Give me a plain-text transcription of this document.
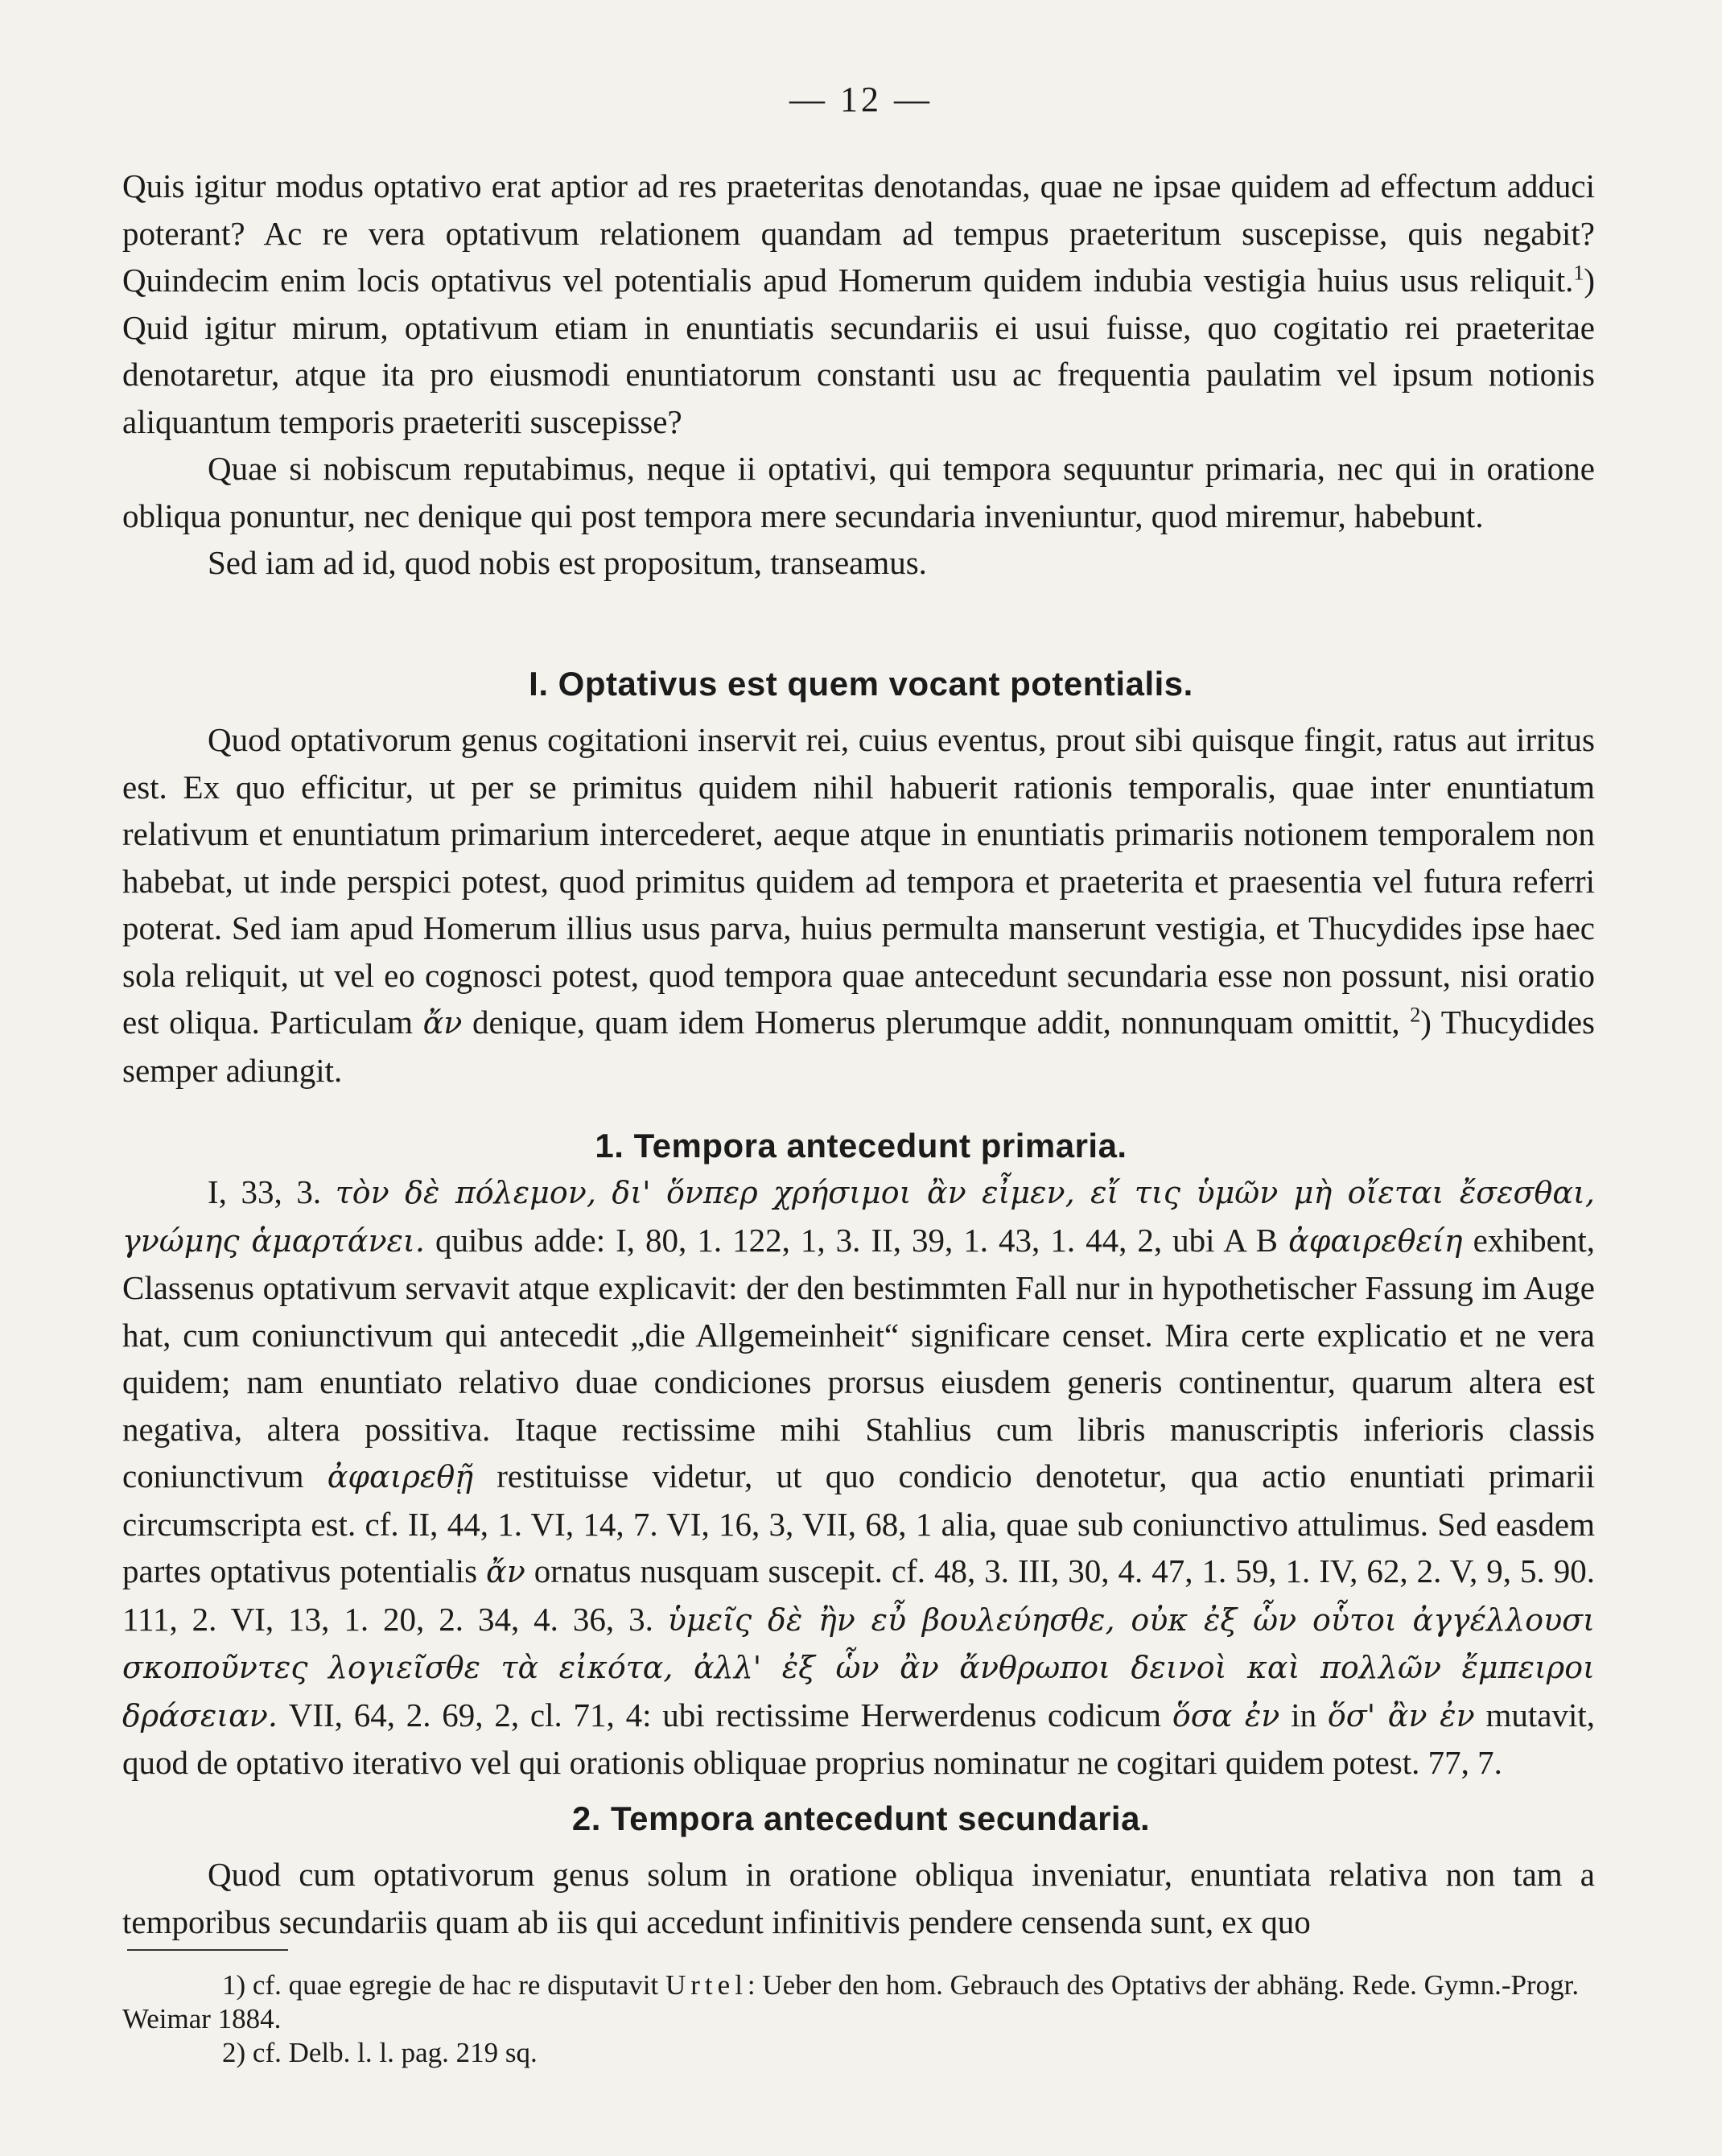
— 12 —

Quis igitur modus optativo erat aptior ad res praeteritas denotandas, quae ne ipsae quidem ad effectum adduci poterant? Ac re vera optativum relationem quandam ad tempus praeteritum suscepisse, quis negabit? Quindecim enim locis optativus vel potentialis apud Homerum quidem indubia vestigia huius usus reliquit.$^1$) Quid igitur mirum, optativum etiam in enuntiatis secundariis ei usui fuisse, quo cogitatio rei praeteritae denotaretur, atque ita pro eiusmodi enuntiatorum constanti usu ac frequentia paulatim vel ipsum notionis aliquantum temporis praeteriti suscepisse?

Quae si nobiscum reputabimus, neque ii optativi, qui tempora sequuntur primaria, nec qui in oratione obliqua ponuntur, nec denique qui post tempora mere secundaria inveniuntur, quod miremur, habebunt.

Sed iam ad id, quod nobis est propositum, transeamus.

I. Optativus est quem vocant potentialis.

Quod optativorum genus cogitationi inservit rei, cuius eventus, prout sibi quisque fingit, ratus aut irritus est. Ex quo efficitur, ut per se primitus quidem nihil habuerit rationis temporalis, quae inter enuntiatum relativum et enuntiatum primarium intercederet, aeque atque in enuntiatis primariis notionem temporalem non habebat, ut inde perspici potest, quod primitus quidem ad tempora et praeterita et praesentia vel futura referri poterat. Sed iam apud Homerum illius usus parva, huius permulta manserunt vestigia, et Thucydides ipse haec sola reliquit, ut vel eo cognosci potest, quod tempora quae antecedunt secundaria esse non possunt, nisi oratio est oliqua. Particulam ἄν denique, quam idem Homerus plerumque addit, nonnunquam omittit, $^2$) Thucydides semper adiungit.

1. Tempora antecedunt primaria.

I, 33, 3. τὸν δὲ πόλεμον, δι' ὅνπερ χρήσιμοι ἂν εἶμεν, εἴ τις ὑμῶν μὴ οἴεται ἔσεσθαι, γνώμης ἁμαρτάνει. quibus adde: I, 80, 1. 122, 1, 3. II, 39, 1. 43, 1. 44, 2, ubi A B ἀφαιρεθείη exhibent, Classenus optativum servavit atque explicavit: der den bestimmten Fall nur in hypothetischer Fassung im Auge hat, cum coniunctivum qui antecedit „die Allgemeinheit“ significare censet. Mira certe explicatio et ne vera quidem; nam enuntiato relativo duae condiciones prorsus eiusdem generis continentur, quarum altera est negativa, altera possitiva. Itaque rectissime mihi Stahlius cum libris manuscriptis inferioris classis coniunctivum ἀφαιρεθῇ restituisse videtur, ut quo condicio denotetur, qua actio enuntiati primarii circumscripta est. cf. II, 44, 1. VI, 14, 7. VI, 16, 3, VII, 68, 1 alia, quae sub coniunctivo attulimus. Sed easdem partes optativus potentialis ἄν ornatus nusquam suscepit. cf. 48, 3. III, 30, 4. 47, 1. 59, 1. IV, 62, 2. V, 9, 5. 90. 111, 2. VI, 13, 1. 20, 2. 34, 4. 36, 3. ὑμεῖς δὲ ἢν εὖ βουλεύησθε, οὐκ ἐξ ὧν οὗτοι ἀγγέλλουσι σκοποῦντες λογιεῖσθε τὰ εἰκότα, ἀλλ' ἐξ ὧν ἂν ἄνθρωποι δεινοὶ καὶ πολλῶν ἔμπειροι δράσειαν. VII, 64, 2. 69, 2, cl. 71, 4: ubi rectissime Herwerdenus codicum ὅσα ἐν in ὅσ' ἂν ἐν mutavit, quod de optativo iterativo vel qui orationis obliquae proprius nominatur ne cogitari quidem potest. 77, 7.

2. Tempora antecedunt secundaria.

Quod cum optativorum genus solum in oratione obliqua inveniatur, enuntiata relativa non tam a temporibus secundariis quam ab iis qui accedunt infinitivis pendere censenda sunt, ex quo

1) cf. quae egregie de hac re disputavit Urtel: Ueber den hom. Gebrauch des Optativs der abhäng. Rede. Gymn.-Progr. Weimar 1884.

2) cf. Delb. l. l. pag. 219 sq.
